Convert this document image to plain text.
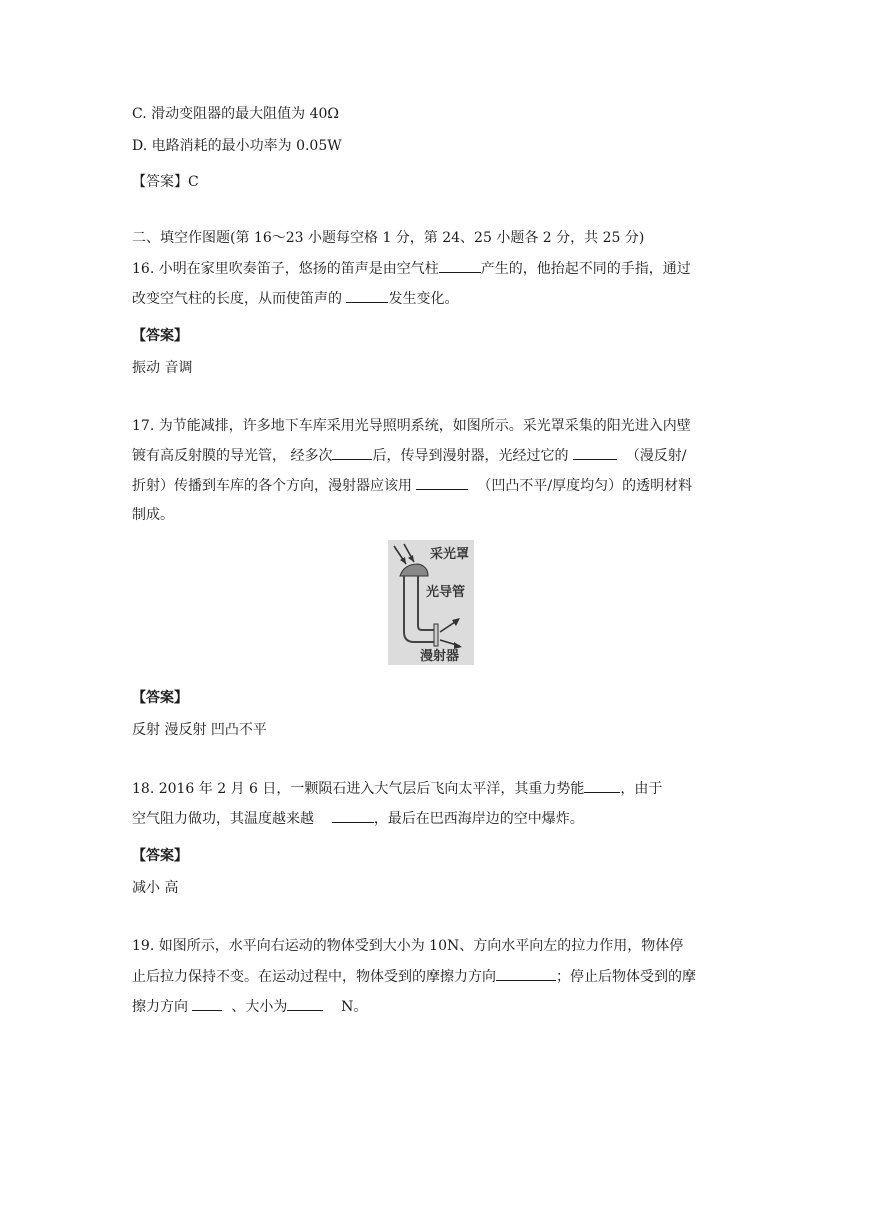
C. 滑动变阻器的最大阻值为 40Ω
D. 电路消耗的最小功率为 0.05W
【答案】C
二、填空作图题(第 16～23 小题每空格 1 分，第 24、25 小题各 2 分，共 25 分)
16. 小明在家里吹奏笛子，悠扬的笛声是由空气柱	产生的，他抬起不同的手指，通过
改变空气柱的长度，从而使笛声的	发生变化。
【答案】
振动 音调
17. 为节能减排，许多地下车库采用光导照明系统，如图所示。采光罩采集的阳光进入内壁
镀有高反射膜的导光管， 经多次	后，传导到漫射器，光经过它的	（漫反射/
折射）传播到车库的各个方向，漫射器应该用	（凹凸不平/厚度均匀）的透明材料
制成。
采光罩
光导管
漫射器
【答案】
反射 漫反射 凹凸不平
18. 2016 年 2 月 6 日，一颗陨石进入大气层后飞向太平洋，其重力势能	，由于
空气阻力做功，其温度越来越	，最后在巴西海岸边的空中爆炸。
【答案】
减小 高
19. 如图所示，水平向右运动的物体受到大小为 10N、方向水平向左的拉力作用，物体停
止后拉力保持不变。在运动过程中，物体受到的摩擦力方向	；停止后物体受到的摩
擦力方向	、大小为	N。
